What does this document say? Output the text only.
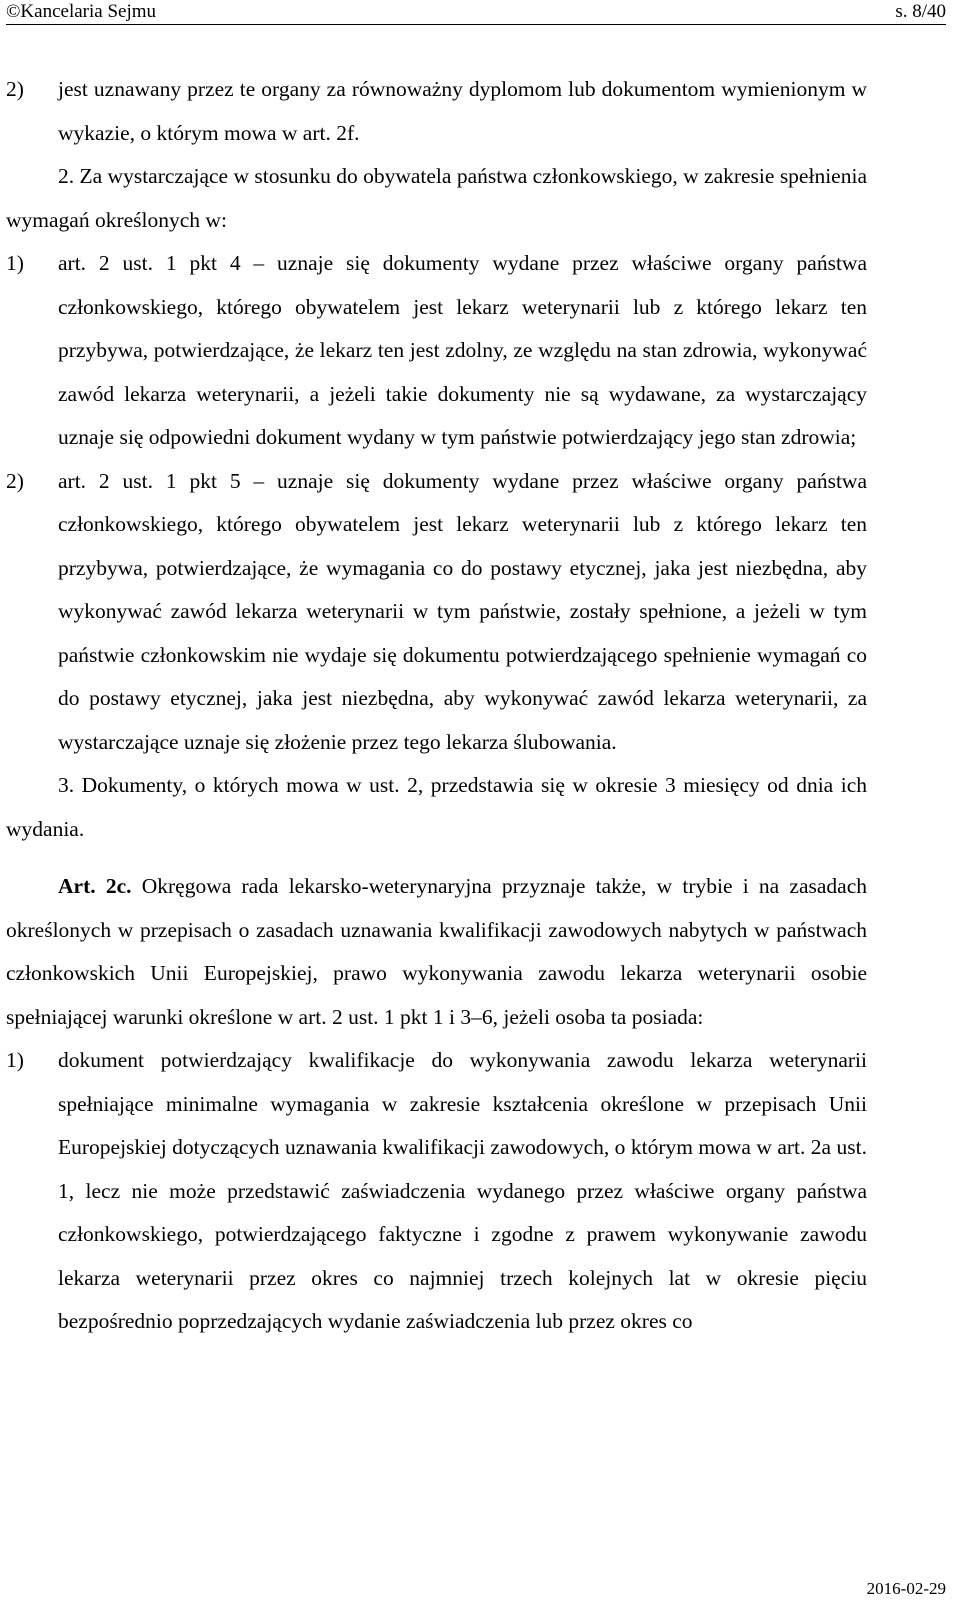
©Kancelaria Sejmu	s. 8/40

2) jest uznawany przez te organy za równoważny dyplomom lub dokumentom wymienionym w wykazie, o którym mowa w art. 2f.

2. Za wystarczające w stosunku do obywatela państwa członkowskiego, w zakresie spełnienia wymagań określonych w:

1) art. 2 ust. 1 pkt 4 – uznaje się dokumenty wydane przez właściwe organy państwa członkowskiego, którego obywatelem jest lekarz weterynarii lub z którego lekarz ten przybywa, potwierdzające, że lekarz ten jest zdolny, ze względu na stan zdrowia, wykonywać zawód lekarza weterynarii, a jeżeli takie dokumenty nie są wydawane, za wystarczający uznaje się odpowiedni dokument wydany w tym państwie potwierdzający jego stan zdrowia;

2) art. 2 ust. 1 pkt 5 – uznaje się dokumenty wydane przez właściwe organy państwa członkowskiego, którego obywatelem jest lekarz weterynarii lub z którego lekarz ten przybywa, potwierdzające, że wymagania co do postawy etycznej, jaka jest niezbędna, aby wykonywać zawód lekarza weterynarii w tym państwie, zostały spełnione, a jeżeli w tym państwie członkowskim nie wydaje się dokumentu potwierdzającego spełnienie wymagań co do postawy etycznej, jaka jest niezbędna, aby wykonywać zawód lekarza weterynarii, za wystarczające uznaje się złożenie przez tego lekarza ślubowania.

3. Dokumenty, o których mowa w ust. 2, przedstawia się w okresie 3 miesięcy od dnia ich wydania.

Art. 2c. Okręgowa rada lekarsko-weterynaryjna przyznaje także, w trybie i na zasadach określonych w przepisach o zasadach uznawania kwalifikacji zawodowych nabytych w państwach członkowskich Unii Europejskiej, prawo wykonywania zawodu lekarza weterynarii osobie spełniającej warunki określone w art. 2 ust. 1 pkt 1 i 3–6, jeżeli osoba ta posiada:

1) dokument potwierdzający kwalifikacje do wykonywania zawodu lekarza weterynarii spełniające minimalne wymagania w zakresie kształcenia określone w przepisach Unii Europejskiej dotyczących uznawania kwalifikacji zawodowych, o którym mowa w art. 2a ust. 1, lecz nie może przedstawić zaświadczenia wydanego przez właściwe organy państwa członkowskiego, potwierdzającego faktyczne i zgodne z prawem wykonywanie zawodu lekarza weterynarii przez okres co najmniej trzech kolejnych lat w okresie pięciu bezpośrednio poprzedzających wydanie zaświadczenia lub przez okres co

2016-02-29
